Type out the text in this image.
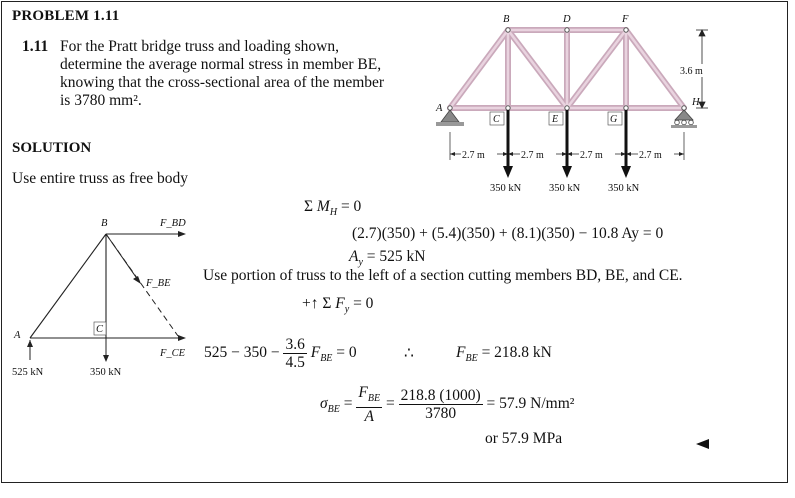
PROBLEM 1.11
1.11 For the Pratt bridge truss and loading shown,
determine the average normal stress in member BE,
knowing that the cross-sectional area of the member
is 3780 mm².
SOLUTION
Use entire truss as free body
B	D	F
A
H
C	E	G
3.6 m
2.7 m	2.7 m	2.7 m	2.7 m
350 kN	350 kN	350 kN
B
A
C
F_BD
F_BE
F_CE
525 kN	350 kN
Σ $M_H = 0$
(2.7)(350) + (5.4)(350) + (8.1)(350) − 10.8 Ay = 0
$A_y = 525$ kN
Use portion of truss to the left of a section cutting members BD, BE, and CE.
+↑ Σ $F_y = 0$
$525 - 350 - \frac{3.6}{4.5} F_{BE} = 0$	∴	$F_{BE} = 218.8$ kN
$\sigma_{BE} = \frac{F_{BE}}{A} = \frac{218.8 (1000)}{3780} = 57.9$ N/mm²
or 57.9 MPa
